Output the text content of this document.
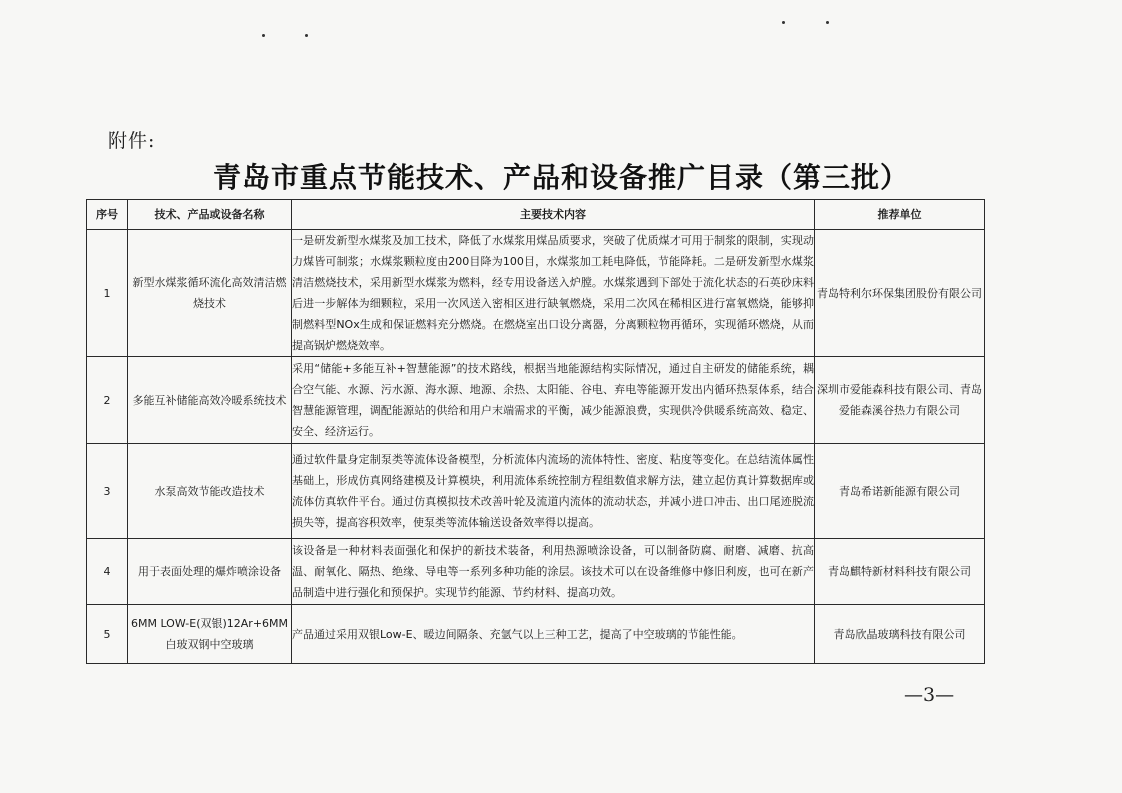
附件:
青岛市重点节能技术、产品和设备推广目录（第三批）
序号	技术、产品或设备名称	主要技术内容	推荐单位
1	新型水煤浆循环流化高效清洁燃烧技术	一是研发新型水煤浆及加工技术，降低了水煤浆用煤品质要求，突破了优质煤才可用于制浆的限制，实现动力煤皆可制浆；水煤浆颗粒度由200目降为100目，水煤浆加工耗电降低，节能降耗。二是研发新型水煤浆清洁燃烧技术，采用新型水煤浆为燃料，经专用设备送入炉膛。水煤浆遇到下部处于流化状态的石英砂床料后进一步解体为细颗粒，采用一次风送入密相区进行缺氧燃烧，采用二次风在稀相区进行富氧燃烧，能够抑制燃料型NOx生成和保证燃料充分燃烧。在燃烧室出口设分离器，分离颗粒物再循环，实现循环燃烧，从而提高锅炉燃烧效率。	青岛特利尔环保集团股份有限公司
2	多能互补储能高效冷暖系统技术	采用“储能+多能互补+智慧能源”的技术路线，根据当地能源结构实际情况，通过自主研发的储能系统，耦合空气能、水源、污水源、海水源、地源、余热、太阳能、谷电、弃电等能源开发出内循环热泵体系，结合智慧能源管理，调配能源站的供给和用户末端需求的平衡，减少能源浪费，实现供冷供暖系统高效、稳定、安全、经济运行。	深圳市爱能森科技有限公司、青岛爱能森溪谷热力有限公司
3	水泵高效节能改造技术	通过软件量身定制泵类等流体设备模型，分析流体内流场的流体特性、密度、粘度等变化。在总结流体属性基础上，形成仿真网络建模及计算模块，利用流体系统控制方程组数值求解方法，建立起仿真计算数据库或流体仿真软件平台。通过仿真模拟技术改善叶轮及流道内流体的流动状态，并减小进口冲击、出口尾迹脱流损失等，提高容积效率，使泵类等流体输送设备效率得以提高。	青岛希诺新能源有限公司
4	用于表面处理的爆炸喷涂设备	该设备是一种材料表面强化和保护的新技术装备，利用热源喷涂设备，可以制备防腐、耐磨、减磨、抗高温、耐氧化、隔热、绝缘、导电等一系列多种功能的涂层。该技术可以在设备维修中修旧利废，也可在新产品制造中进行强化和预保护。实现节约能源、节约材料、提高功效。	青岛麒特新材料科技有限公司
5	6MM LOW-E(双银)12Ar+6MM白玻双钢中空玻璃	产品通过采用双银Low-E、暖边间隔条、充氩气以上三种工艺，提高了中空玻璃的节能性能。	青岛欣晶玻璃科技有限公司
—3—
